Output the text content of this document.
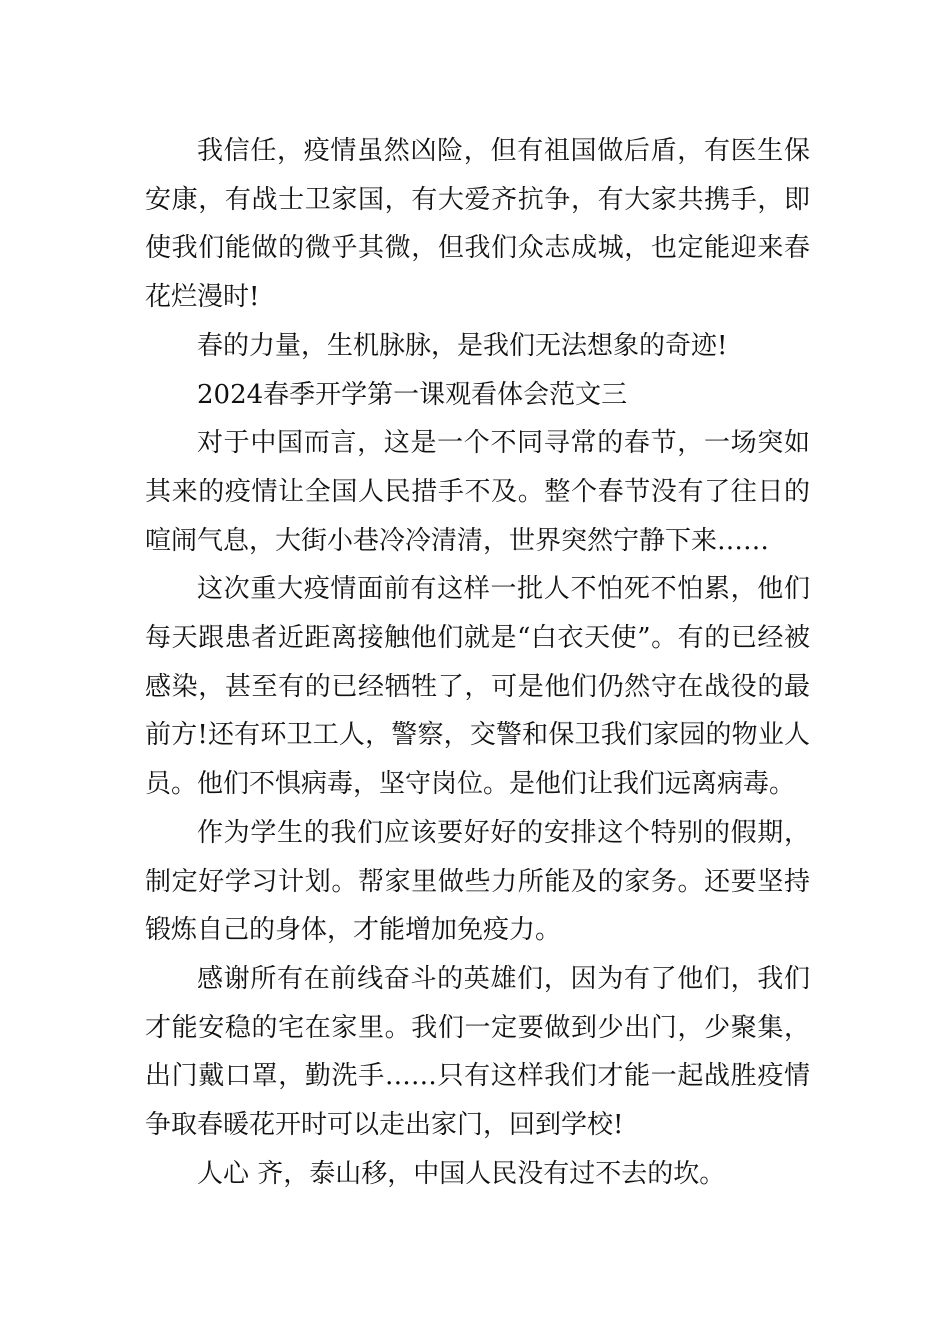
我信任，疫情虽然凶险，但有祖国做后盾，有医生保安康，有战士卫家国，有大爱齐抗争，有大家共携手，即使我们能做的微乎其微，但我们众志成城，也定能迎来春花烂漫时!

春的力量，生机脉脉，是我们无法想象的奇迹!

2024春季开学第一课观看体会范文三

对于中国而言，这是一个不同寻常的春节，一场突如其来的疫情让全国人民措手不及。整个春节没有了往日的喧闹气息，大街小巷冷冷清清，世界突然宁静下来……

这次重大疫情面前有这样一批人不怕死不怕累，他们每天跟患者近距离接触他们就是“白衣天使”。有的已经被感染，甚至有的已经牺牲了，可是他们仍然守在战役的最前方!还有环卫工人，警察，交警和保卫我们家园的物业人员。他们不惧病毒，坚守岗位。是他们让我们远离病毒。

作为学生的我们应该要好好的安排这个特别的假期，制定好学习计划。帮家里做些力所能及的家务。还要坚持锻炼自己的身体，才能增加免疫力。

感谢所有在前线奋斗的英雄们，因为有了他们，我们才能安稳的宅在家里。我们一定要做到少出门，少聚集，出门戴口罩，勤洗手……只有这样我们才能一起战胜疫情争取春暖花开时可以走出家门，回到学校!

人心 齐，泰山移，中国人民没有过不去的坎。
